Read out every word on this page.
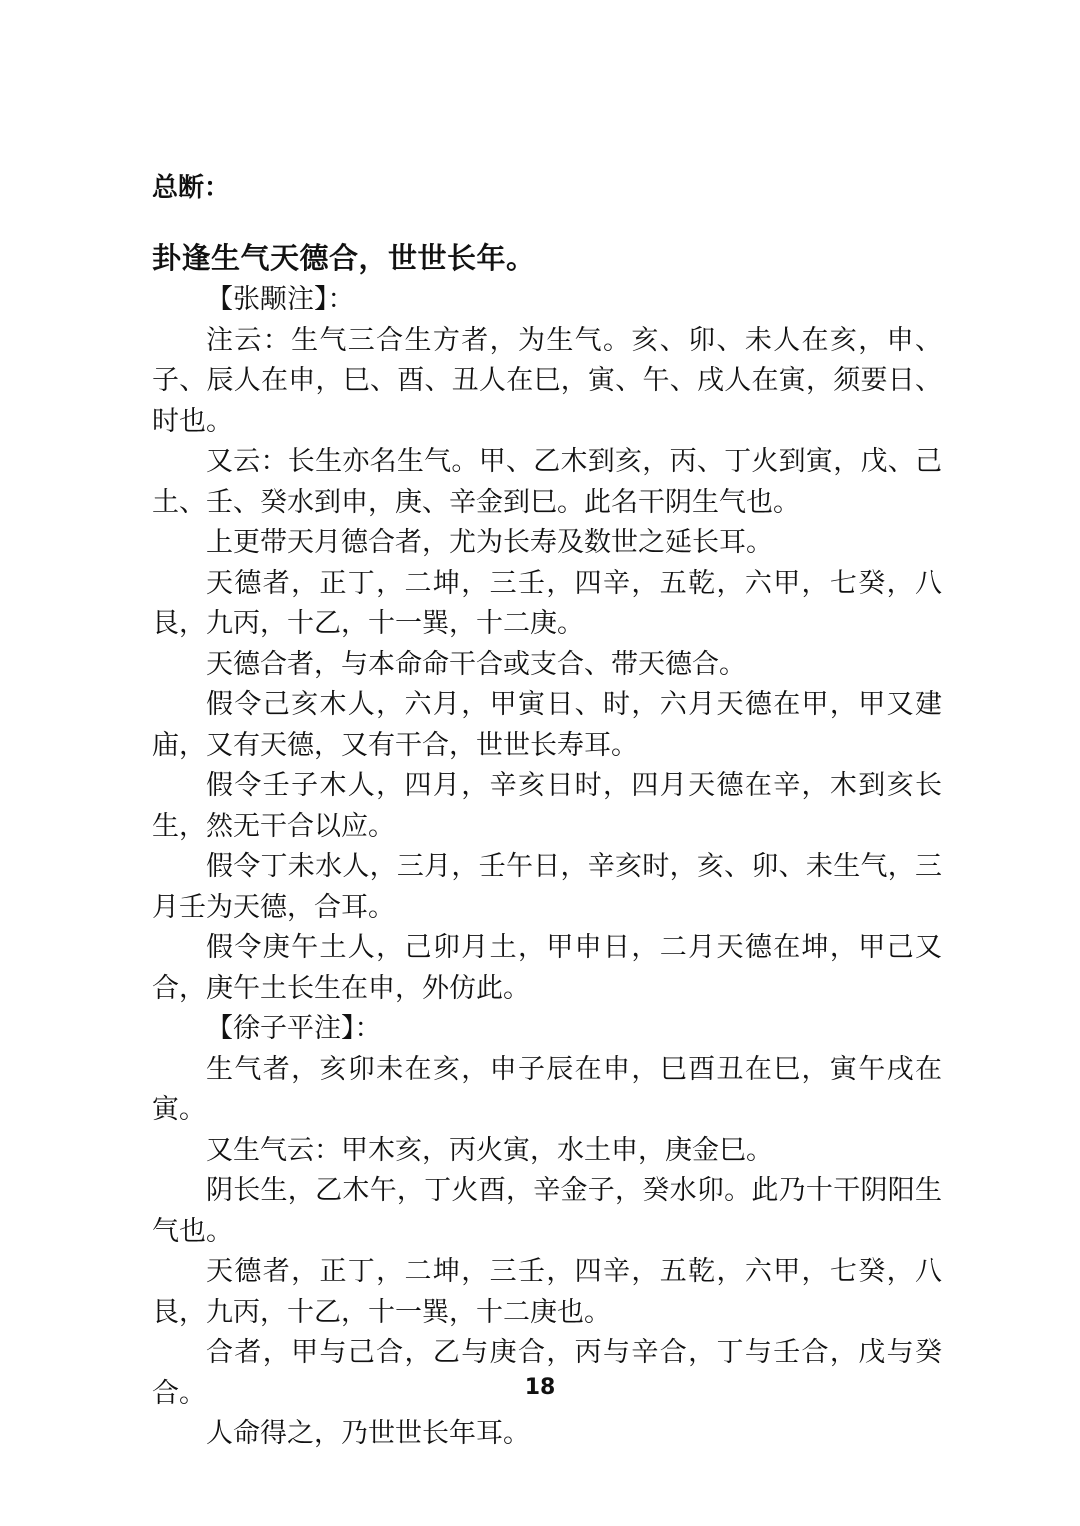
总断：

卦逢生气天德合，世世长年。

【张颙注】：

注云：生气三合生方者，为生气。亥、卯、未人在亥，申、子、辰人在申，巳、酉、丑人在巳，寅、午、戌人在寅，须要日、时也。

又云：长生亦名生气。甲、乙木到亥，丙、丁火到寅，戊、己土、壬、癸水到申，庚、辛金到巳。此名干阴生气也。

上更带天月德合者，尤为长寿及数世之延长耳。

天德者，正丁，二坤，三壬，四辛，五乾，六甲，七癸，八艮，九丙，十乙，十一巽，十二庚。

天德合者，与本命命干合或支合、带天德合。

假令己亥木人，六月，甲寅日、时，六月天德在甲，甲又建庙，又有天德，又有干合，世世长寿耳。

假令壬子木人，四月，辛亥日时，四月天德在辛，木到亥长生，然无干合以应。

假令丁未水人，三月，壬午日，辛亥时，亥、卯、未生气，三月壬为天德，合耳。

假令庚午土人，己卯月土，甲申日，二月天德在坤，甲己又合，庚午土长生在申，外仿此。

【徐子平注】：

生气者，亥卯未在亥，申子辰在申，巳酉丑在巳，寅午戌在寅。

又生气云：甲木亥，丙火寅，水土申，庚金巳。

阴长生，乙木午，丁火酉，辛金子，癸水卯。此乃十干阴阳生气也。

天德者，正丁，二坤，三壬，四辛，五乾，六甲，七癸，八艮，九丙，十乙，十一巽，十二庚也。

合者，甲与己合，乙与庚合，丙与辛合，丁与壬合，戊与癸合。

人命得之，乃世世长年耳。

18
